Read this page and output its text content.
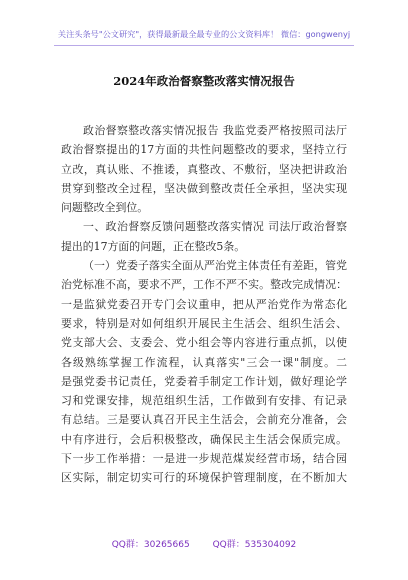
关注头条号"公文研究"，获得最新最全最专业的公文资料库！ 微信：gongwenyj
2024年政治督察整改落实情况报告
政治督察整改落实情况报告 我监党委严格按照司法厅
政治督察提出的17方面的共性问题整改的要求，坚持立行
立改，真认账、不推诿，真整改、不敷衍，坚决把讲政治
贯穿到整改全过程，坚决做到整改责任全承担，坚决实现
问题整改全到位。
一、政治督察反馈问题整改落实情况 司法厅政治督察
提出的17方面的问题，正在整改5条。
（一）党委子落实全面从严治党主体责任有差距，管党
治党标准不高，要求不严，工作不严不实。整改完成情况：
一是监狱党委召开专门会议重申，把从严治党作为常态化
要求，特别是对如何组织开展民主生活会、组织生活会、
党支部大会、支委会、党小组会等内容进行重点抓，以使
各级熟练掌握工作流程，认真落实"三会一课"制度。二
是强党委书记责任，党委着手制定工作计划，做好理论学
习和党课安排，规范组织生活，工作做到有安排、有记录
有总结。三是要认真召开民主生活会，会前充分准备，会
中有序进行，会后积极整改，确保民主生活会保质完成。
下一步工作举措：一是进一步规范煤炭经营市场，结合园
区实际，制定切实可行的环境保护管理制度，在不断加大
QQ群：30265665	QQ群：535304092
